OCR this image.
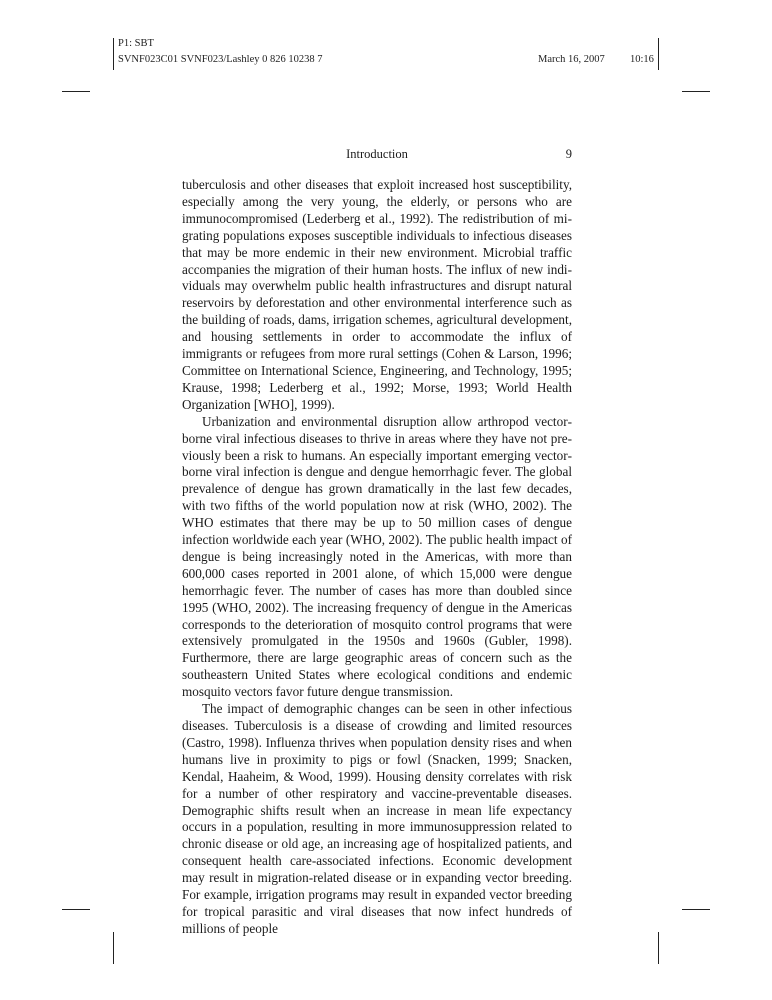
P1: SBT
SVNF023C01 SVNF023/Lashley 0 826 10238 7	March 16, 2007 10:16
Introduction	9

tuberculosis and other diseases that exploit increased host susceptibility, especially among the very young, the elderly, or persons who are immunocompromised (Lederberg et al., 1992). The redistribution of migrating populations exposes susceptible individuals to infectious diseases that may be more endemic in their new environment. Microbial traffic accompanies the migration of their human hosts. The influx of new individuals may overwhelm public health infrastructures and disrupt natural reservoirs by deforestation and other environmental interference such as the building of roads, dams, irrigation schemes, agricultural development, and housing settlements in order to accommodate the influx of immigrants or refugees from more rural settings (Cohen & Larson, 1996; Committee on International Science, Engineering, and Technology, 1995; Krause, 1998; Lederberg et al., 1992; Morse, 1993; World Health Organization [WHO], 1999).

Urbanization and environmental disruption allow arthropod vectorborne viral infectious diseases to thrive in areas where they have not previously been a risk to humans. An especially important emerging vectorborne viral infection is dengue and dengue hemorrhagic fever. The global prevalence of dengue has grown dramatically in the last few decades, with two fifths of the world population now at risk (WHO, 2002). The WHO estimates that there may be up to 50 million cases of dengue infection worldwide each year (WHO, 2002). The public health impact of dengue is being increasingly noted in the Americas, with more than 600,000 cases reported in 2001 alone, of which 15,000 were dengue hemorrhagic fever. The number of cases has more than doubled since 1995 (WHO, 2002). The increasing frequency of dengue in the Americas corresponds to the deterioration of mosquito control programs that were extensively promulgated in the 1950s and 1960s (Gubler, 1998). Furthermore, there are large geographic areas of concern such as the southeastern United States where ecological conditions and endemic mosquito vectors favor future dengue transmission.

The impact of demographic changes can be seen in other infectious diseases. Tuberculosis is a disease of crowding and limited resources (Castro, 1998). Influenza thrives when population density rises and when humans live in proximity to pigs or fowl (Snacken, 1999; Snacken, Kendal, Haaheim, & Wood, 1999). Housing density correlates with risk for a number of other respiratory and vaccine-preventable diseases. Demographic shifts result when an increase in mean life expectancy occurs in a population, resulting in more immunosuppression related to chronic disease or old age, an increasing age of hospitalized patients, and consequent health care-associated infections. Economic development may result in migration-related disease or in expanding vector breeding. For example, irrigation programs may result in expanded vector breeding for tropical parasitic and viral diseases that now infect hundreds of millions of people
